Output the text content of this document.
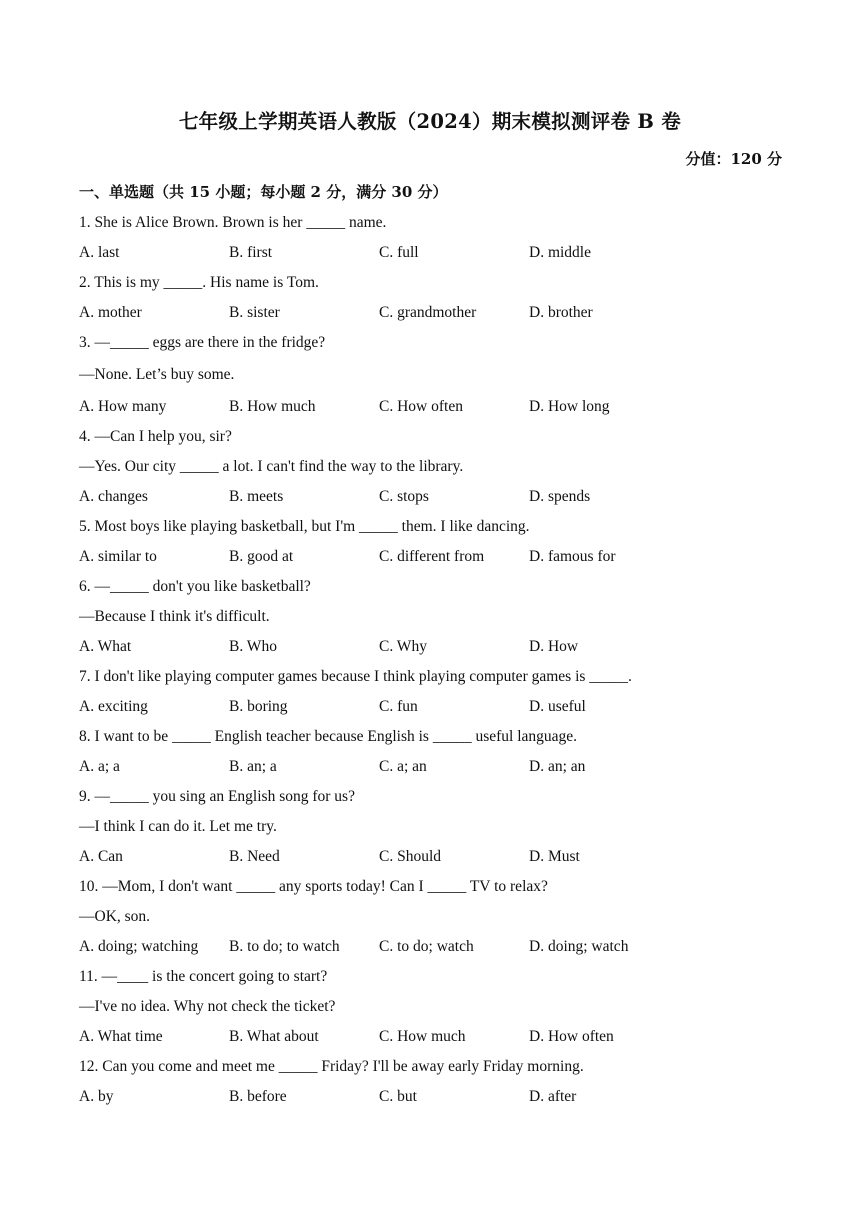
七年级上学期英语人教版（2024）期末模拟测评卷 B 卷
分值：120 分
一、单选题（共 15 小题；每小题 2 分，满分 30 分）
1. She is Alice Brown. Brown is her _____ name.
A. last	B. first	C. full	D. middle
2. This is my _____. His name is Tom.
A. mother	B. sister	C. grandmother	D. brother
3. —_____ eggs are there in the fridge?
—None. Let’s buy some.
A. How many	B. How much	C. How often	D. How long
4. —Can I help you, sir?
—Yes. Our city _____ a lot. I can't find the way to the library.
A. changes	B. meets	C. stops	D. spends
5. Most boys like playing basketball, but I'm _____ them. I like dancing.
A. similar to	B. good at	C. different from	D. famous for
6. —_____ don't you like basketball?
—Because I think it's difficult.
A. What	B. Who	C. Why	D. How
7. I don't like playing computer games because I think playing computer games is _____.
A. exciting	B. boring	C. fun	D. useful
8. I want to be _____ English teacher because English is _____ useful language.
A. a; a	B. an; a	C. a; an	D. an; an
9. —_____ you sing an English song for us?
—I think I can do it. Let me try.
A. Can	B. Need	C. Should	D. Must
10. —Mom, I don't want _____ any sports today! Can I _____ TV to relax?
—OK, son.
A. doing; watching B. to do; to watch	C. to do; watch	D. doing; watch
11. —____ is the concert going to start?
—I've no idea. Why not check the ticket?
A. What time	B. What about	C. How much	D. How often
12. Can you come and meet me _____ Friday? I'll be away early Friday morning.
A. by	B. before	C. but	D. after
